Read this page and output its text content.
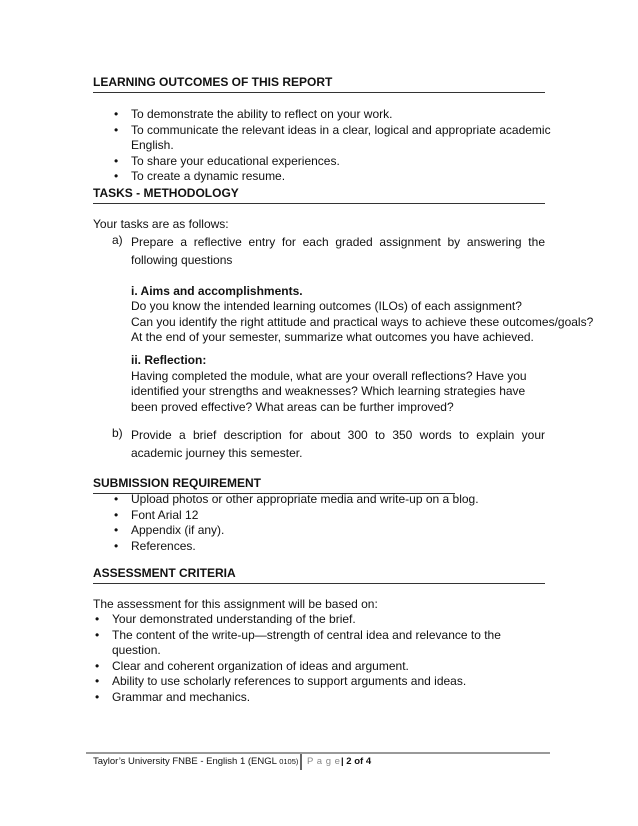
LEARNING OUTCOMES OF THIS REPORT
• To demonstrate the ability to reflect on your work.
• To communicate the relevant ideas in a clear, logical and appropriate academic English.
• To share your educational experiences.
• To create a dynamic resume.
TASKS - METHODOLOGY
Your tasks are as follows:
a) Prepare a reflective entry for each graded assignment by answering the following questions
i. Aims and accomplishments.
Do you know the intended learning outcomes (ILOs) of each assignment?
Can you identify the right attitude and practical ways to achieve these outcomes/goals?
At the end of your semester, summarize what outcomes you have achieved.
ii. Reflection:
Having completed the module, what are your overall reflections? Have you identified your strengths and weaknesses? Which learning strategies have been proved effective? What areas can be further improved?
b) Provide a brief description for about 300 to 350 words to explain your academic journey this semester.
SUBMISSION REQUIREMENT
• Upload photos or other appropriate media and write-up on a blog.
• Font Arial 12
• Appendix (if any).
• References.
ASSESSMENT CRITERIA
The assessment for this assignment will be based on:
• Your demonstrated understanding of the brief.
• The content of the write-up—strength of central idea and relevance to the question.
• Clear and coherent organization of ideas and argument.
• Ability to use scholarly references to support arguments and ideas.
• Grammar and mechanics.
Taylor’s University FNBE - English 1 (ENGL 0105) P a g e | 2 of 4
